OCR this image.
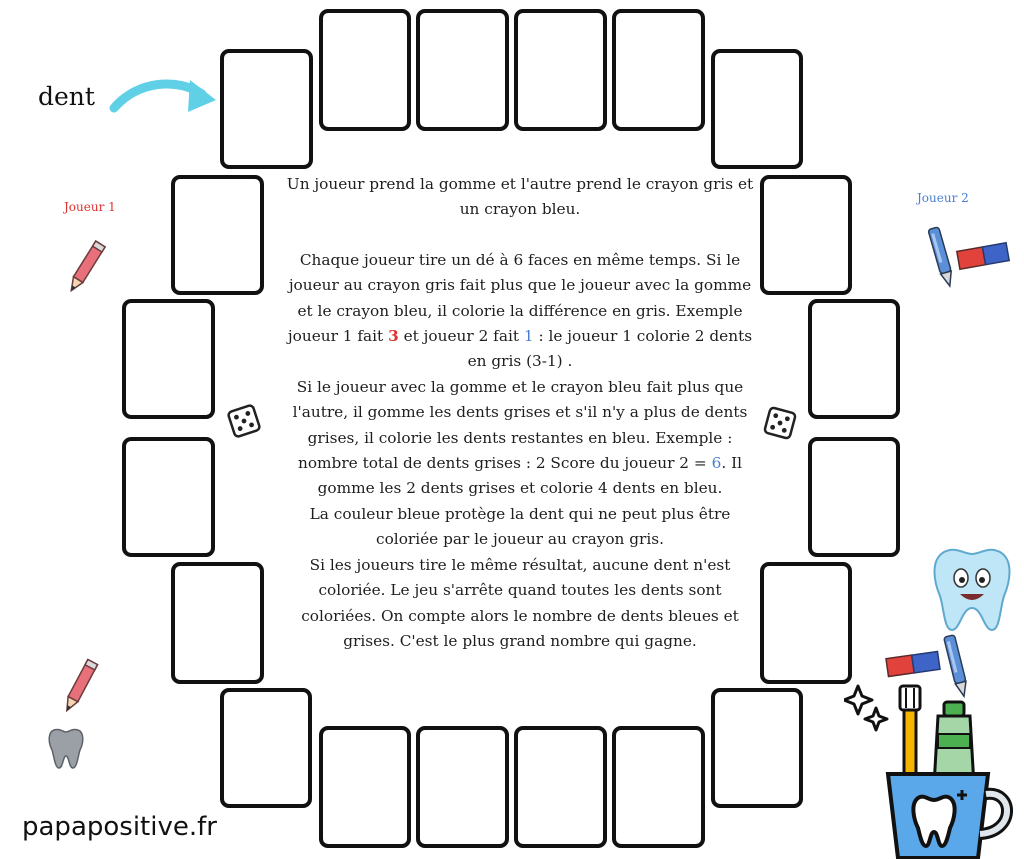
dent
Joueur 1
Joueur 2

Un joueur prend la gomme et l'autre prend le crayon gris et un crayon bleu.

Chaque joueur tire un dé à 6 faces en même temps. Si le joueur au crayon gris fait plus que le joueur avec la gomme et le crayon bleu, il colorie la différence en gris. Exemple joueur 1 fait 3 et joueur 2 fait 1 : le joueur 1 colorie 2 dents en gris (3-1) .

Si le joueur avec la gomme et le crayon bleu fait plus que l'autre, il gomme les dents grises et s'il n'y a plus de dents grises, il colorie les dents restantes en bleu. Exemple : nombre total de dents grises : 2 Score du joueur 2 = 6. Il gomme les 2 dents grises et colorie 4 dents en bleu.

La couleur bleue protège la dent qui ne peut plus être coloriée par le joueur au crayon gris.

Si les joueurs tire le même résultat, aucune dent n'est coloriée. Le jeu s'arrête quand toutes les dents sont coloriées. On compte alors le nombre de dents bleues et grises. C'est le plus grand nombre qui gagne.

papapositive.fr
